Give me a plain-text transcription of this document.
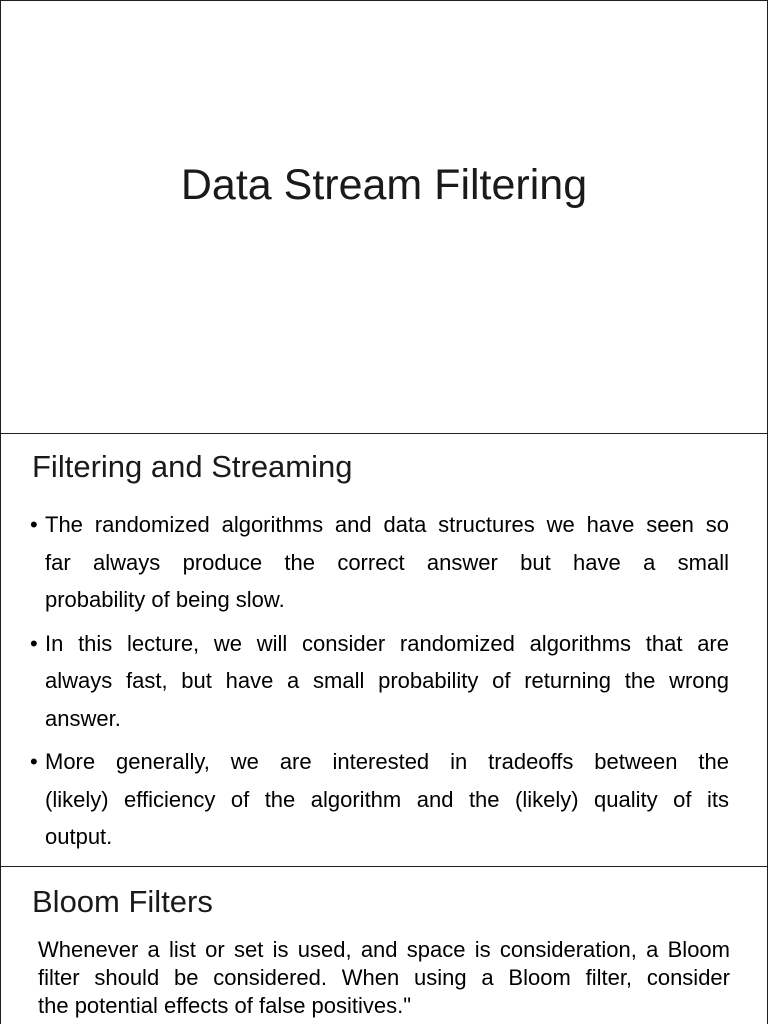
Data Stream Filtering
Filtering and Streaming
• The randomized algorithms and data structures we have seen so
far always produce the correct answer but have a small
probability of being slow.
• In this lecture, we will consider randomized algorithms that are
always fast, but have a small probability of returning the wrong
answer.
• More generally, we are interested in tradeoffs between the
(likely) efficiency of the algorithm and the (likely) quality of its
output.
Bloom Filters
Whenever a list or set is used, and space is consideration, a Bloom
filter should be considered. When using a Bloom filter, consider
the potential effects of false positives."
